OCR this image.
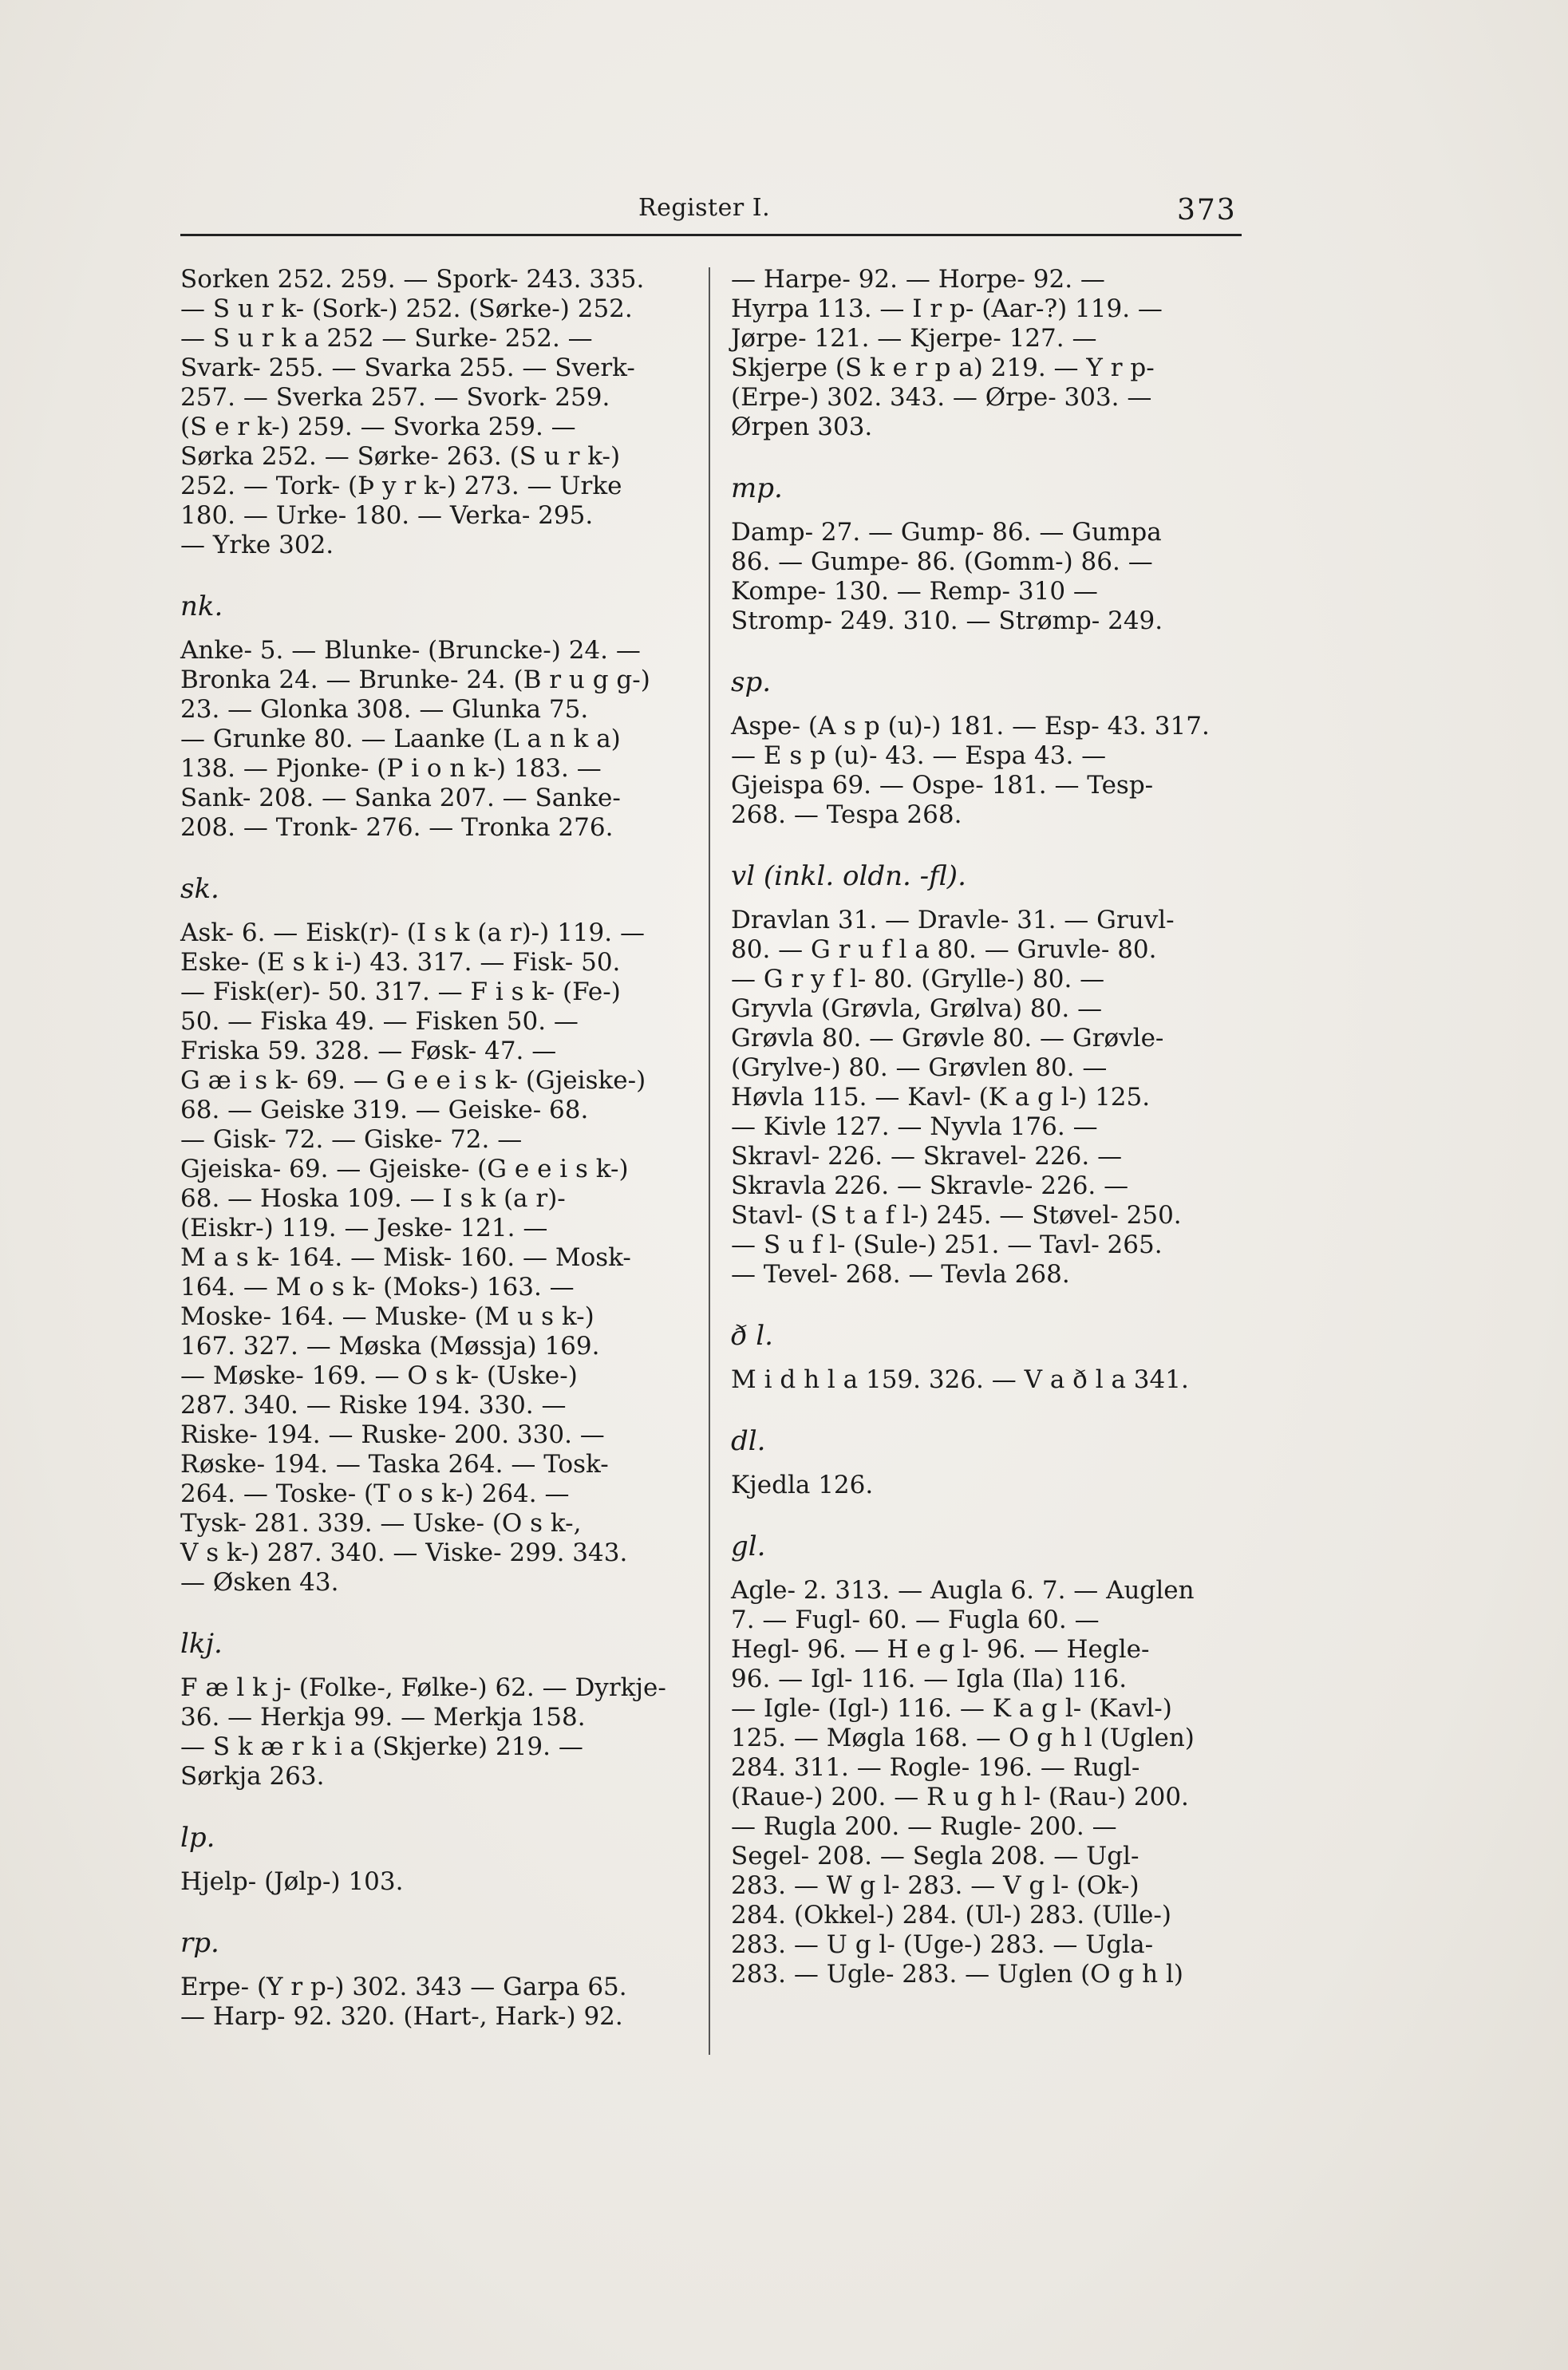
Register I.	373
Sorken 252. 259. — Spork- 243. 335.
— S u r k- (Sork-) 252. (Sørke-) 252.
— S u r k a 252 — Surke- 252. —
Svark- 255. — Svarka 255. — Sverk-
257. — Sverka 257. — Svork- 259.
(S e r k-) 259. — Svorka 259. —
Sørka 252. — Sørke- 263. (S u r k-)
252. — Tork- (Þ y r k-) 273. — Urke
180. — Urke- 180. — Verka- 295.
— Yrke 302.
nk.
Anke- 5. — Blunke- (Bruncke-) 24. —
Bronka 24. — Brunke- 24. (B r u g g-)
23. — Glonka 308. — Glunka 75.
— Grunke 80. — Laanke (L a n k a)
138. — Pjonke- (P i o n k-) 183. —
Sank- 208. — Sanka 207. — Sanke-
208. — Tronk- 276. — Tronka 276.
sk.
Ask- 6. — Eisk(r)- (I s k (a r)-) 119. —
Eske- (E s k i-) 43. 317. — Fisk- 50.
— Fisk(er)- 50. 317. — F i s k- (Fe-)
50. — Fiska 49. — Fisken 50. —
Friska 59. 328. — Føsk- 47. —
G æ i s k- 69. — G e e i s k- (Gjeiske-)
68. — Geiske 319. — Geiske- 68.
— Gisk- 72. — Giske- 72. —
Gjeiska- 69. — Gjeiske- (G e e i s k-)
68. — Hoska 109. — I s k (a r)-
(Eiskr-) 119. — Jeske- 121. —
M a s k- 164. — Misk- 160. — Mosk-
164. — M o s k- (Moks-) 163. —
Moske- 164. — Muske- (M u s k-)
167. 327. — Møska (Møssja) 169.
— Møske- 169. — O s k- (Uske-)
287. 340. — Riske 194. 330. —
Riske- 194. — Ruske- 200. 330. —
Røske- 194. — Taska 264. — Tosk-
264. — Toske- (T o s k-) 264. —
Tysk- 281. 339. — Uske- (O s k-,
V s k-) 287. 340. — Viske- 299. 343.
— Øsken 43.
lkj.
F æ l k j- (Folke-, Følke-) 62. — Dyrkje-
36. — Herkja 99. — Merkja 158.
— S k æ r k i a (Skjerke) 219. —
Sørkja 263.
lp.
Hjelp- (Jølp-) 103.
rp.
Erpe- (Y r p-) 302. 343 — Garpa 65.
— Harp- 92. 320. (Hart-, Hark-) 92.
— Harpe- 92. — Horpe- 92. —
Hyrpa 113. — I r p- (Aar-?) 119. —
Jørpe- 121. — Kjerpe- 127. —
Skjerpe (S k e r p a) 219. — Y r p-
(Erpe-) 302. 343. — Ørpe- 303. —
Ørpen 303.
mp.
Damp- 27. — Gump- 86. — Gumpa
86. — Gumpe- 86. (Gomm-) 86. —
Kompe- 130. — Remp- 310 —
Stromp- 249. 310. — Strømp- 249.
sp.
Aspe- (A s p (u)-) 181. — Esp- 43. 317.
— E s p (u)- 43. — Espa 43. —
Gjeispa 69. — Ospe- 181. — Tesp-
268. — Tespa 268.
vl (inkl. oldn. -fl).
Dravlan 31. — Dravle- 31. — Gruvl-
80. — G r u f l a 80. — Gruvle- 80.
— G r y f l- 80. (Grylle-) 80. —
Gryvla (Grøvla, Grølva) 80. —
Grøvla 80. — Grøvle 80. — Grøvle-
(Grylve-) 80. — Grøvlen 80. —
Høvla 115. — Kavl- (K a g l-) 125.
— Kivle 127. — Nyvla 176. —
Skravl- 226. — Skravel- 226. —
Skravla 226. — Skravle- 226. —
Stavl- (S t a f l-) 245. — Støvel- 250.
— S u f l- (Sule-) 251. — Tavl- 265.
— Tevel- 268. — Tevla 268.
ð l.
M i d h l a 159. 326. — V a ð l a 341.
dl.
Kjedla 126.
gl.
Agle- 2. 313. — Augla 6. 7. — Auglen
7. — Fugl- 60. — Fugla 60. —
Hegl- 96. — H e g l- 96. — Hegle-
96. — Igl- 116. — Igla (Ila) 116.
— Igle- (Igl-) 116. — K a g l- (Kavl-)
125. — Møgla 168. — O g h l (Uglen)
284. 311. — Rogle- 196. — Rugl-
(Raue-) 200. — R u g h l- (Rau-) 200.
— Rugla 200. — Rugle- 200. —
Segel- 208. — Segla 208. — Ugl-
283. — W g l- 283. — V g l- (Ok-)
284. (Okkel-) 284. (Ul-) 283. (Ulle-)
283. — U g l- (Uge-) 283. — Ugla-
283. — Ugle- 283. — Uglen (O g h l)
